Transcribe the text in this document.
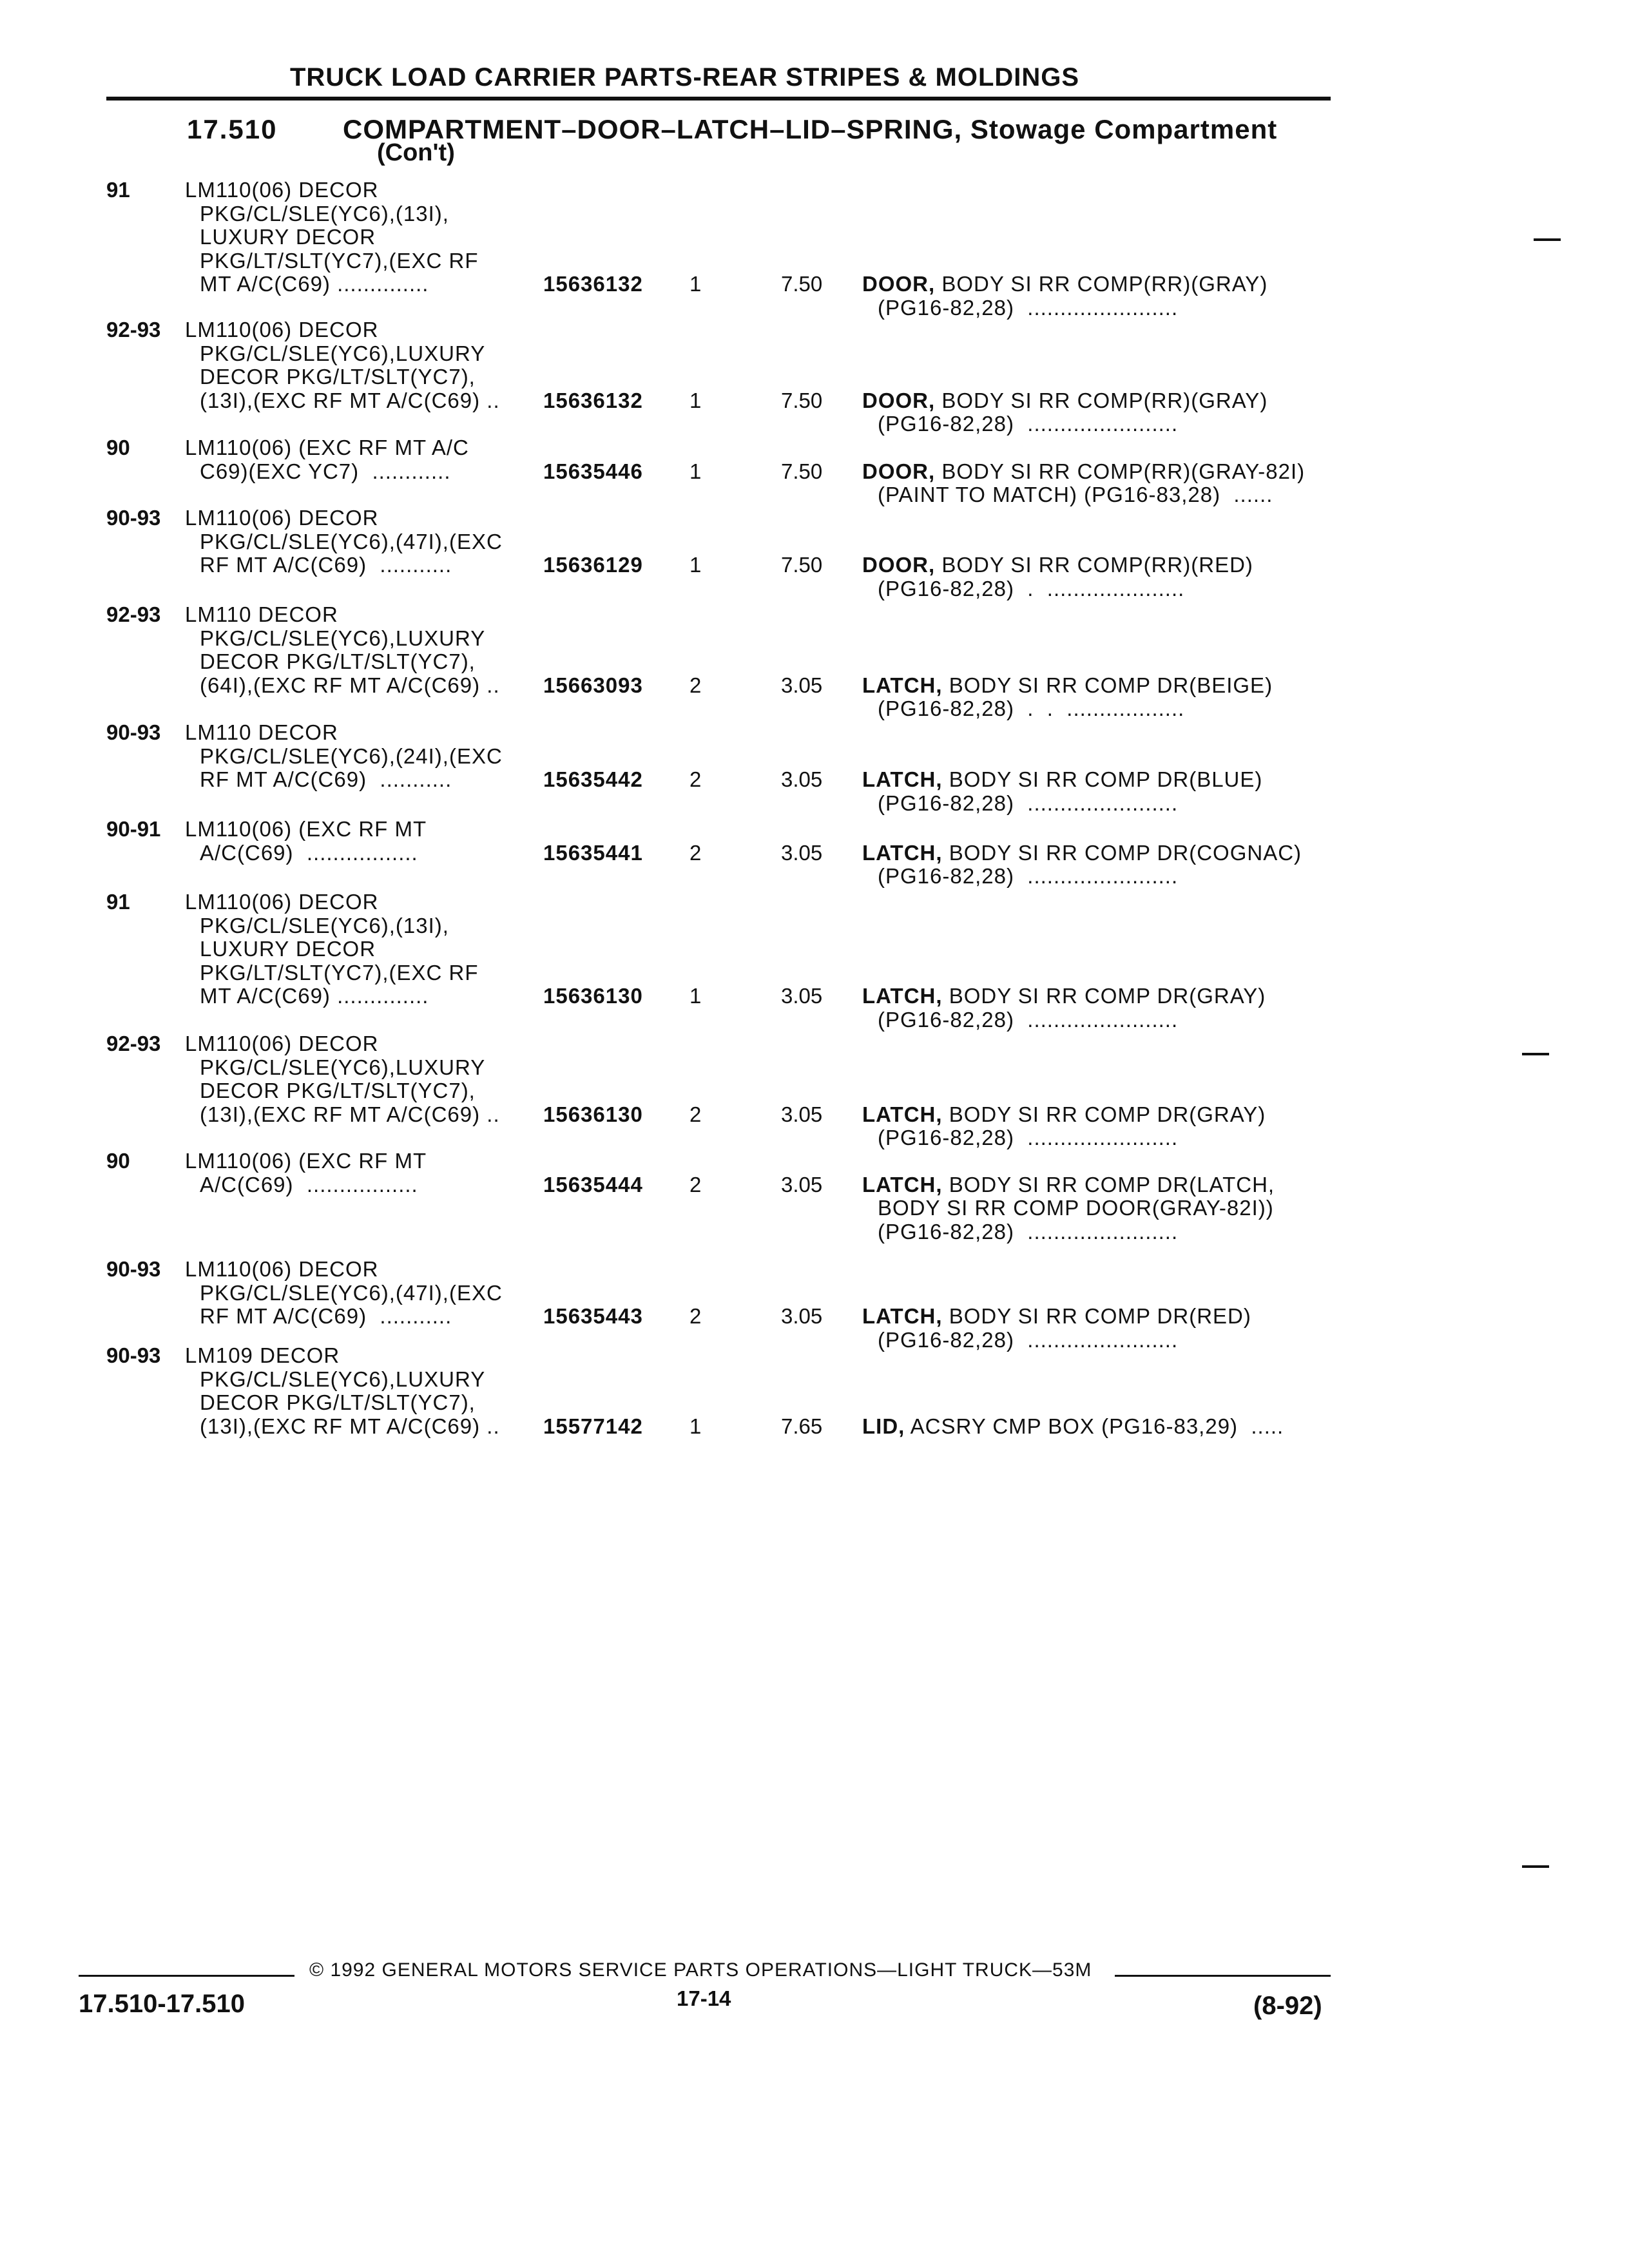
TRUCK LOAD CARRIER PARTS-REAR STRIPES & MOLDINGS
17.510 COMPARTMENT–DOOR–LATCH–LID–SPRING, Stowage Compartment
(Con't)
91	LM110(06) DECOR
PKG/CL/SLE(YC6),(13I),
LUXURY DECOR
PKG/LT/SLT(YC7),(EXC RF
MT A/C(C69) ..............	15636132 1	7.50 DOOR, BODY SI RR COMP(RR)(GRAY)
(PG16-82,28)  .......................
92-93 LM110(06) DECOR
PKG/CL/SLE(YC6),LUXURY
DECOR PKG/LT/SLT(YC7),
(13I),(EXC RF MT A/C(C69) .. 15636132 1	7.50 DOOR, BODY SI RR COMP(RR)(GRAY)
(PG16-82,28)  .......................
90	LM110(06) (EXC RF MT A/C
C69)(EXC YC7)  ............	15635446 1	7.50 DOOR, BODY SI RR COMP(RR)(GRAY-82I)
(PAINT TO MATCH) (PG16-83,28)  ......
90-93 LM110(06) DECOR
PKG/CL/SLE(YC6),(47I),(EXC
RF MT A/C(C69)  ...........	15636129 1	7.50 DOOR, BODY SI RR COMP(RR)(RED)
(PG16-82,28)  .  .....................
92-93 LM110 DECOR
PKG/CL/SLE(YC6),LUXURY
DECOR PKG/LT/SLT(YC7),
(64I),(EXC RF MT A/C(C69) .. 15663093 2	3.05 LATCH, BODY SI RR COMP DR(BEIGE)
(PG16-82,28)  .  .  ..................
90-93 LM110 DECOR
PKG/CL/SLE(YC6),(24I),(EXC
RF MT A/C(C69)  ...........	15635442 2	3.05 LATCH, BODY SI RR COMP DR(BLUE)
(PG16-82,28)  .......................
90-91 LM110(06) (EXC RF MT
A/C(C69)  .................	15635441 2	3.05 LATCH, BODY SI RR COMP DR(COGNAC)
(PG16-82,28)  .......................
91	LM110(06) DECOR
PKG/CL/SLE(YC6),(13I),
LUXURY DECOR
PKG/LT/SLT(YC7),(EXC RF
MT A/C(C69) ..............	15636130 1	3.05 LATCH, BODY SI RR COMP DR(GRAY)
(PG16-82,28)  .......................
92-93 LM110(06) DECOR
PKG/CL/SLE(YC6),LUXURY
DECOR PKG/LT/SLT(YC7),
(13I),(EXC RF MT A/C(C69) .. 15636130 2	3.05 LATCH, BODY SI RR COMP DR(GRAY)
(PG16-82,28)  .......................
90	LM110(06) (EXC RF MT
A/C(C69)  .................	15635444 2	3.05 LATCH, BODY SI RR COMP DR(LATCH,
BODY SI RR COMP DOOR(GRAY-82I))
(PG16-82,28)  .......................
90-93 LM110(06) DECOR
PKG/CL/SLE(YC6),(47I),(EXC
RF MT A/C(C69)  ...........	15635443 2	3.05 LATCH, BODY SI RR COMP DR(RED)
(PG16-82,28)  .......................
90-93 LM109 DECOR
PKG/CL/SLE(YC6),LUXURY
DECOR PKG/LT/SLT(YC7),
(13I),(EXC RF MT A/C(C69) .. 15577142 1	7.65 LID, ACSRY CMP BOX (PG16-83,29)  .....
© 1992 GENERAL MOTORS SERVICE PARTS OPERATIONS—LIGHT TRUCK—53M
17.510-17.510	17-14	(8-92)
